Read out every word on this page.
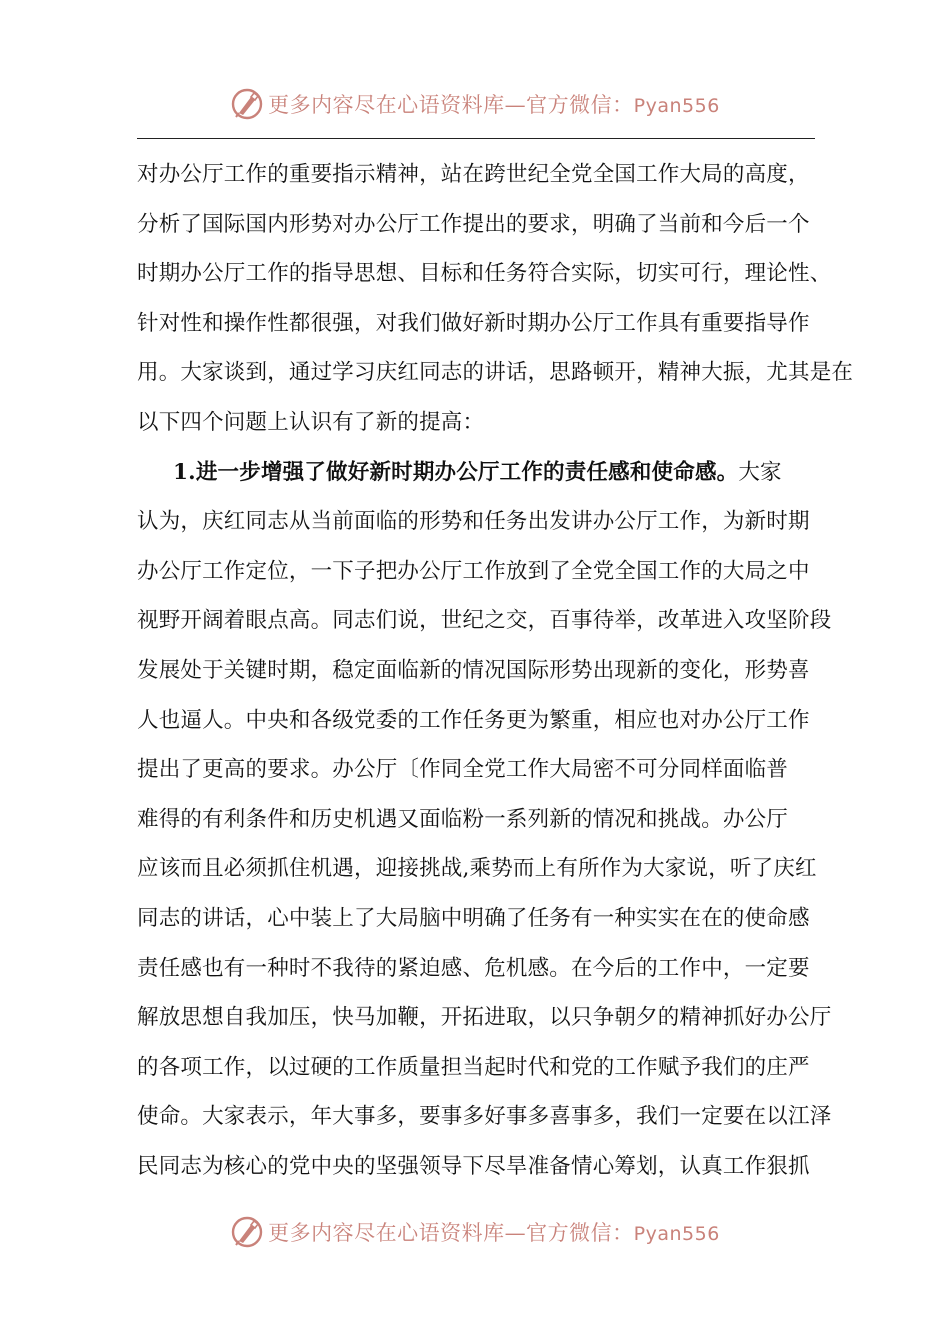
更多内容尽在心语资料库—官方微信：Pyan556
对办公厅工作的重要指示精神，站在跨世纪全党全国工作大局的高度，
分析了国际国内形势对办公厅工作提出的要求，明确了当前和今后一个
时期办公厅工作的指导思想、目标和任务符合实际，切实可行，理论性、
针对性和操作性都很强，对我们做好新时期办公厅工作具有重要指导作
用。大家谈到，通过学习庆红同志的讲话，思路顿开，精神大振，尤其是在
以下四个问题上认识有了新的提高：
1.进一步增强了做好新时期办公厅工作的责任感和使命感。大家
认为，庆红同志从当前面临的形势和任务出发讲办公厅工作，为新时期
办公厅工作定位，一下子把办公厅工作放到了全党全国工作的大局之中
视野开阔着眼点高。同志们说，世纪之交，百事待举，改革进入攻坚阶段
发展处于关键时期，稳定面临新的情况国际形势出现新的变化，形势喜
人也逼人。中央和各级党委的工作任务更为繁重，相应也对办公厅工作
提出了更高的要求。办公厅〔作同全党工作大局密不可分同样面临普
难得的有利条件和历史机遇又面临粉一系列新的情况和挑战。办公厅
应该而且必须抓住机遇，迎接挑战,乘势而上有所作为大家说，听了庆红
同志的讲话，心中装上了大局脑中明确了任务有一种实实在在的使命感
责任感也有一种时不我待的紧迫感、危机感。在今后的工作中，一定要
解放思想自我加压，快马加鞭，开拓进取，以只争朝夕的精神抓好办公厅
的各项工作，以过硬的工作质量担当起时代和党的工作赋予我们的庄严
使命。大家表示，年大事多，要事多好事多喜事多，我们一定要在以江泽
民同志为核心的党中央的坚强领导下尽旱准备情心筹划，认真工作狠抓
更多内容尽在心语资料库—官方微信：Pyan556
